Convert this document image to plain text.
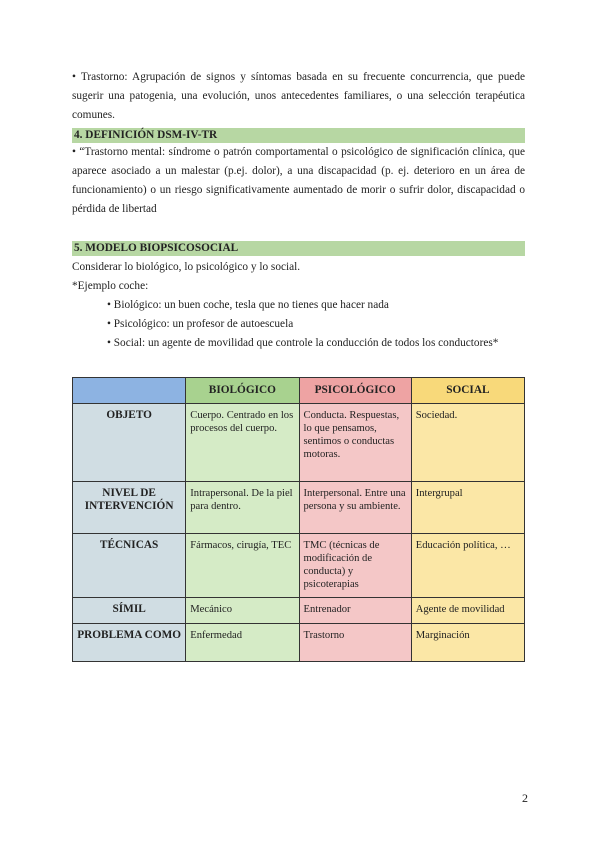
• Trastorno: Agrupación de signos y síntomas basada en su frecuente concurrencia, que puede sugerir una patogenia, una evolución, unos antecedentes familiares, o una selección terapéutica comunes.

4. DEFINICIÓN DSM-IV-TR

• “Trastorno mental: síndrome o patrón comportamental o psicológico de significación clínica, que aparece asociado a un malestar (p.ej. dolor), a una discapacidad (p. ej. deterioro en un área de funcionamiento) o un riesgo significativamente aumentado de morir o sufrir dolor, discapacidad o pérdida de libertad

5. MODELO BIOPSICOSOCIAL

Considerar lo biológico, lo psicológico y lo social.

*Ejemplo coche:

• Biológico: un buen coche, tesla que no tienes que hacer nada

• Psicológico: un profesor de autoescuela

• Social: un agente de movilidad que controle la conducción de todos los conductores*

	BIOLÓGICO	PSICOLÓGICO	SOCIAL
OBJETO	Cuerpo. Centrado en los procesos del cuerpo.	Conducta. Respuestas, lo que pensamos, sentimos o conductas motoras.	Sociedad.
NIVEL DE INTERVENCIÓN	Intrapersonal. De la piel para dentro.	Interpersonal. Entre una persona y su ambiente.	Intergrupal
TÉCNICAS	Fármacos, cirugía, TEC	TMC (técnicas de modificación de conducta) y psicoterapias	Educación política, …
SÍMIL	Mecánico	Entrenador	Agente de movilidad
PROBLEMA COMO	Enfermedad	Trastorno	Marginación
2
